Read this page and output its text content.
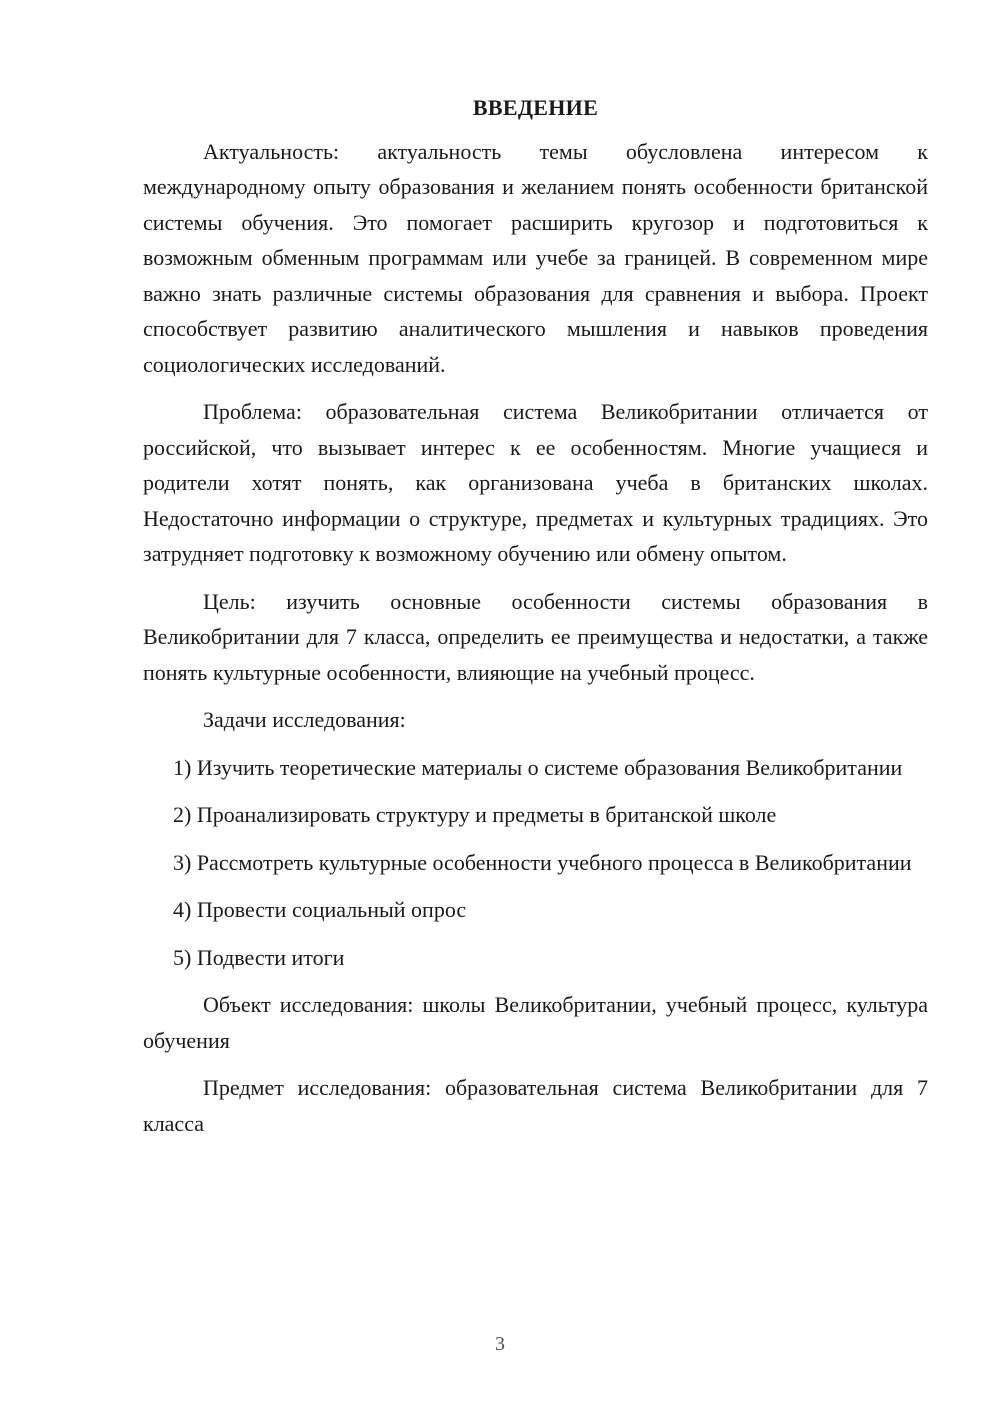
ВВЕДЕНИЕ

Актуальность: актуальность темы обусловлена интересом к международному опыту образования и желанием понять особенности британской системы обучения. Это помогает расширить кругозор и подготовиться к возможным обменным программам или учебе за границей. В современном мире важно знать различные системы образования для сравнения и выбора. Проект способствует развитию аналитического мышления и навыков проведения социологических исследований.

Проблема: образовательная система Великобритании отличается от российской, что вызывает интерес к ее особенностям. Многие учащиеся и родители хотят понять, как организована учеба в британских школах. Недостаточно информации о структуре, предметах и культурных традициях. Это затрудняет подготовку к возможному обучению или обмену опытом.

Цель: изучить основные особенности системы образования в Великобритании для 7 класса, определить ее преимущества и недостатки, а также понять культурные особенности, влияющие на учебный процесс.

Задачи исследования:

1) Изучить теоретические материалы о системе образования Великобритании

2) Проанализировать структуру и предметы в британской школе

3) Рассмотреть культурные особенности учебного процесса в Великобритании

4) Провести социальный опрос

5) Подвести итоги

Объект исследования: школы Великобритании, учебный процесс, культура обучения

Предмет исследования: образовательная система Великобритании для 7 класса

3
